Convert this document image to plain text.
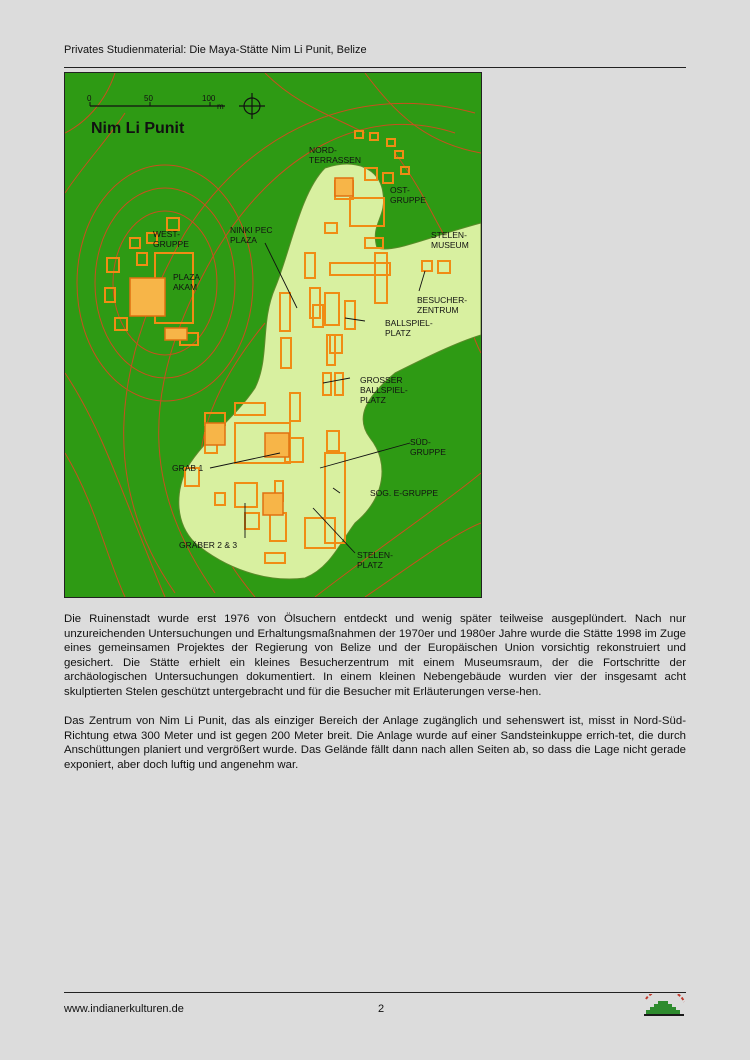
Privates Studienmaterial: Die Maya-Stätte Nim Li Punit, Belize
0	50	100
m
Nim Li Punit
NORD-
TERRASSEN
OST-
GRUPPE
WEST-
GRUPPE
NINKI PEC
PLAZA	STELEN-
MUSEUM
PLAZA
AKAM
BESUCHER-
ZENTRUM
BALLSPIEL-
PLATZ
GROSSER
BALLSPIEL-
PLATZ
SÜD-
GRUPPE
GRAB 1
SOG. E-GRUPPE
GRÄBER 2 & 3
STELEN-
PLATZ

Die Ruinenstadt wurde erst 1976 von Ölsuchern entdeckt und wenig später teilweise ausgeplündert. Nach nur unzureichenden Untersuchungen und Erhaltungsmaßnahmen der 1970er und 1980er Jahre wurde die Stätte 1998 im Zuge eines gemeinsamen Projektes der Regierung von Belize und der Europäischen Union vorsichtig rekonstruiert und gesichert. Die Stätte erhielt ein kleines Besucherzentrum mit einem Museumsraum, der die Fortschritte der archäologischen Untersuchungen dokumentiert. In einem kleinen Nebengebäude wurden vier der insgesamt acht skulptierten Stelen geschützt untergebracht und für die Besucher mit Erläuterungen verse-hen.

Das Zentrum von Nim Li Punit, das als einziger Bereich der Anlage zugänglich und sehenswert ist, misst in Nord-Süd-Richtung etwa 300 Meter und ist gegen 200 Meter breit. Die Anlage wurde auf einer Sandsteinkuppe errich-tet, die durch Anschüttungen planiert und vergrößert wurde. Das Gelände fällt dann nach allen Seiten ab, so dass die Lage nicht gerade exponiert, aber doch luftig und angenehm war.

www.indianerkulturen.de	2
